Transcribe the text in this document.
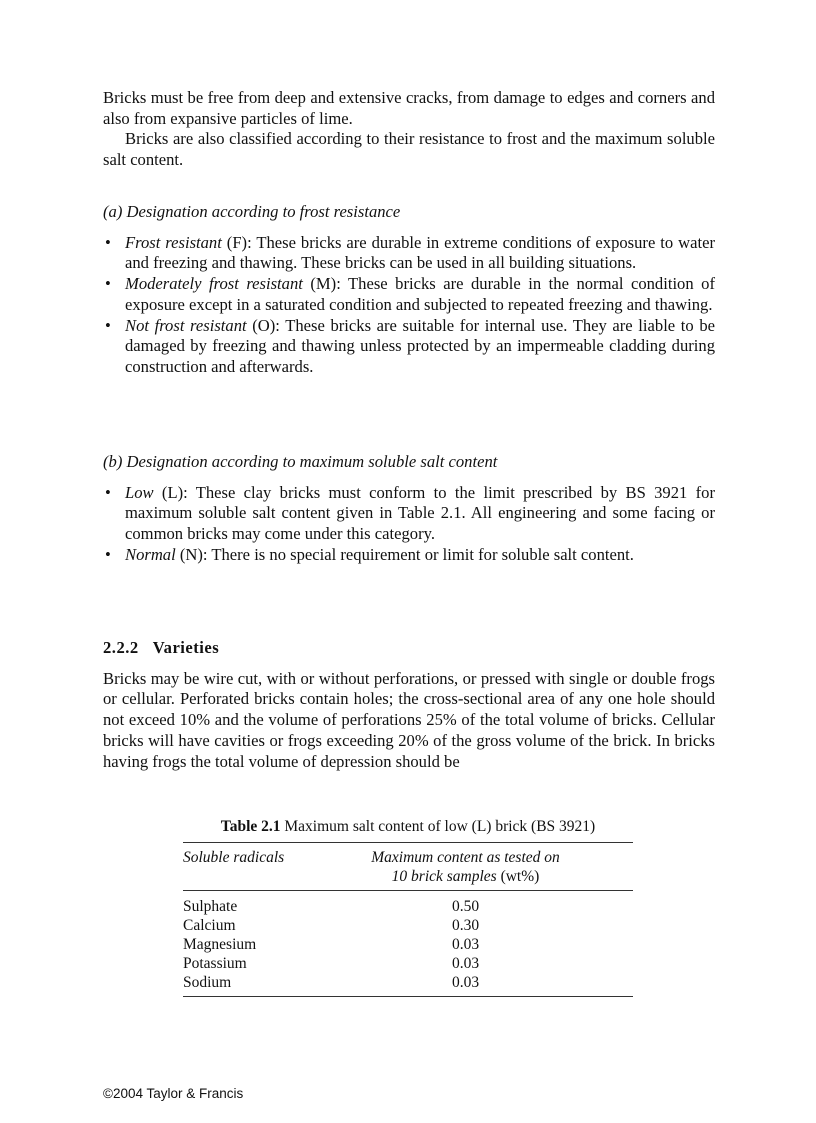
Bricks must be free from deep and extensive cracks, from damage to edges and corners and also from expansive particles of lime.

Bricks are also classified according to their resistance to frost and the maximum soluble salt content.

(a) Designation according to frost resistance

• Frost resistant (F): These bricks are durable in extreme conditions of exposure to water and freezing and thawing. These bricks can be used in all building situations.
• Moderately frost resistant (M): These bricks are durable in the normal condition of exposure except in a saturated condition and subjected to repeated freezing and thawing.
• Not frost resistant (O): These bricks are suitable for internal use. They are liable to be damaged by freezing and thawing unless protected by an impermeable cladding during construction and afterwards.

(b) Designation according to maximum soluble salt content

• Low (L): These clay bricks must conform to the limit prescribed by BS 3921 for maximum soluble salt content given in Table 2.1. All engineering and some facing or common bricks may come under this category.
• Normal (N): There is no special requirement or limit for soluble salt content.

2.2.2 Varieties

Bricks may be wire cut, with or without perforations, or pressed with single or double frogs or cellular. Perforated bricks contain holes; the cross-sectional area of any one hole should not exceed 10% and the volume of perforations 25% of the total volume of bricks. Cellular bricks will have cavities or frogs exceeding 20% of the gross volume of the brick. In bricks having frogs the total volume of depression should be

Table 2.1 Maximum salt content of low (L) brick (BS 3921)
Soluble radicals	Maximum content as tested on
10 brick samples (wt%)
Sulphate	0.50
Calcium	0.30
Magnesium	0.03
Potassium	0.03
Sodium	0.03
©2004 Taylor & Francis
